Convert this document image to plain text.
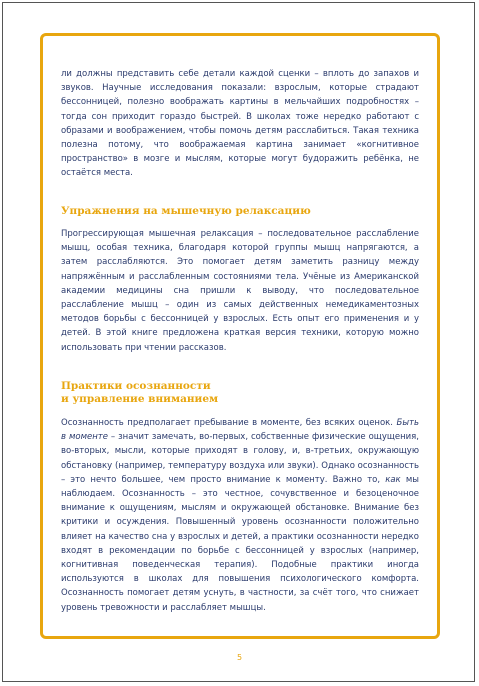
ли должны представить себе детали каждой сценки – вплоть до запахов и звуков. Научные исследования показали: взрослым, которые страдают бессонницей, полезно воображать картины в мельчайших подробностях – тогда сон приходит гораздо быстрей. В школах тоже нередко работают с образами и воображением, чтобы помочь детям расслабиться. Такая техника полезна потому, что воображаемая картина занимает «когнитивное пространство» в мозге и мыслям, которые могут будоражить ребёнка, не остаётся места.

Упражнения на мышечную релаксацию

Прогрессирующая мышечная релаксация – последовательное расслабление мышц, особая техника, благодаря которой группы мышц напрягаются, а затем расслабляются. Это помогает детям заметить разницу между напряжённым и расслабленным состояниями тела. Учёные из Американской академии медицины сна пришли к выводу, что последовательное расслабление мышц – один из самых действенных немедикаментозных методов борьбы с бессонницей у взрослых. Есть опыт его применения и у детей. В этой книге предложена краткая версия техники, которую можно использовать при чтении рассказов.

Практики осознанности
и управление вниманием

Осознанность предполагает пребывание в моменте, без всяких оценок. Быть в моменте – значит замечать, во-первых, собственные физические ощущения, во-вторых, мысли, которые приходят в голову, и, в-третьих, окружающую обстановку (например, температуру воздуха или звуки). Однако осознанность – это нечто большее, чем просто внимание к моменту. Важно то, как мы наблюдаем. Осознанность – это честное, сочувственное и безоценочное внимание к ощущениям, мыслям и окружающей обстановке. Внимание без критики и осуждения. Повышенный уровень осознанности положительно влияет на качество сна у взрослых и детей, а практики осознанности нередко входят в рекомендации по борьбе с бессонницей у взрослых (например, когнитивная поведенческая терапия). Подобные практики иногда используются в школах для повышения психологического комфорта. Осознанность помогает детям уснуть, в частности, за счёт того, что снижает уровень тревожности и расслабляет мышцы.

5
